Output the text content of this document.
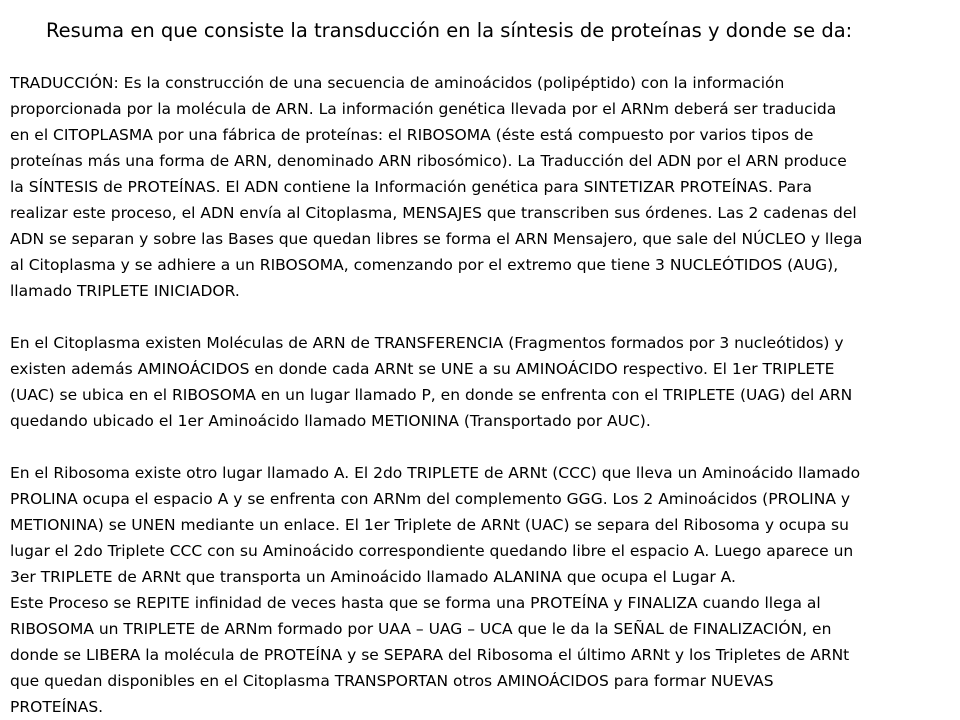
Resuma en que consiste la transducción en la síntesis de proteínas y donde se da:
TRADUCCIÓN: Es la construcción de una secuencia de aminoácidos (polipéptido) con la información
proporcionada por la molécula de ARN. La información genética llevada por el ARNm deberá ser traducida
en el CITOPLASMA por una fábrica de proteínas: el RIBOSOMA (éste está compuesto por varios tipos de
proteínas más una forma de ARN, denominado ARN ribosómico). La Traducción del ADN por el ARN produce
la SÍNTESIS de PROTEÍNAS. El ADN contiene la Información genética para SINTETIZAR PROTEÍNAS. Para
realizar este proceso, el ADN envía al Citoplasma, MENSAJES que transcriben sus órdenes. Las 2 cadenas del
ADN se separan y sobre las Bases que quedan libres se forma el ARN Mensajero, que sale del NÚCLEO y llega
al Citoplasma y se adhiere a un RIBOSOMA, comenzando por el extremo que tiene 3 NUCLEÓTIDOS (AUG),
llamado TRIPLETE INICIADOR.
En el Citoplasma existen Moléculas de ARN de TRANSFERENCIA (Fragmentos formados por 3 nucleótidos) y
existen además AMINOÁCIDOS en donde cada ARNt se UNE a su AMINOÁCIDO respectivo. El 1er TRIPLETE
(UAC) se ubica en el RIBOSOMA en un lugar llamado P, en donde se enfrenta con el TRIPLETE (UAG) del ARN
quedando ubicado el 1er Aminoácido llamado METIONINA (Transportado por AUC).
En el Ribosoma existe otro lugar llamado A. El 2do TRIPLETE de ARNt (CCC) que lleva un Aminoácido llamado
PROLINA ocupa el espacio A y se enfrenta con ARNm del complemento GGG. Los 2 Aminoácidos (PROLINA y
METIONINA) se UNEN mediante un enlace. El 1er Triplete de ARNt (UAC) se separa del Ribosoma y ocupa su
lugar el 2do Triplete CCC con su Aminoácido correspondiente quedando libre el espacio A. Luego aparece un
3er TRIPLETE de ARNt que transporta un Aminoácido llamado ALANINA que ocupa el Lugar A.
Este Proceso se REPITE infinidad de veces hasta que se forma una PROTEÍNA y FINALIZA cuando llega al
RIBOSOMA un TRIPLETE de ARNm formado por UAA – UAG – UCA que le da la SEÑAL de FINALIZACIÓN, en
donde se LIBERA la molécula de PROTEÍNA y se SEPARA del Ribosoma el último ARNt y los Tripletes de ARNt
que quedan disponibles en el Citoplasma TRANSPORTAN otros AMINOÁCIDOS para formar NUEVAS
PROTEÍNAS.
